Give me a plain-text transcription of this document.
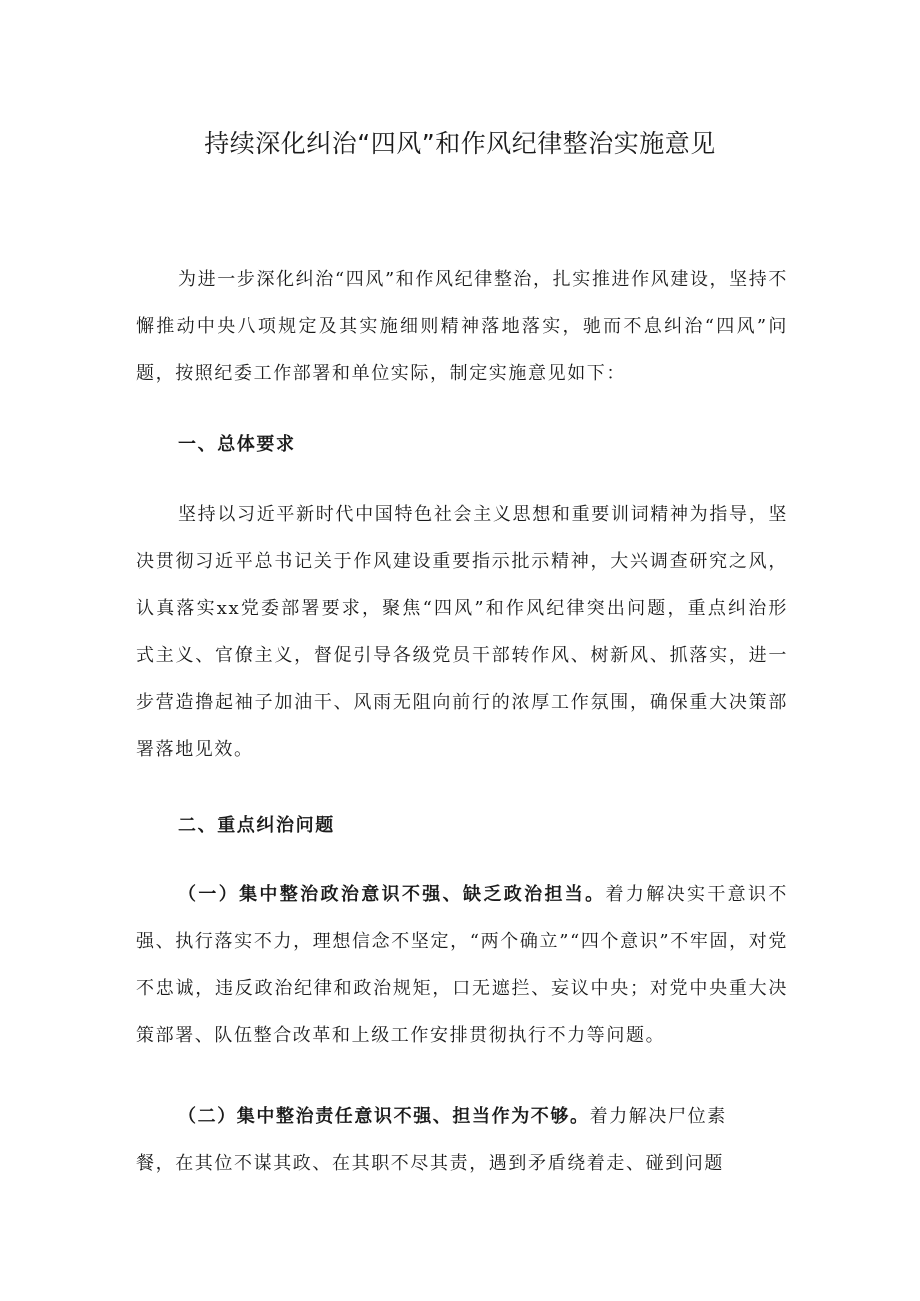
持续深化纠治“四风”和作风纪律整治实施意见

为进一步深化纠治“四风”和作风纪律整治，扎实推进作风建设，坚持不懈推动中央八项规定及其实施细则精神落地落实，驰而不息纠治“四风”问题，按照纪委工作部署和单位实际，制定实施意见如下：

一、总体要求

坚持以习近平新时代中国特色社会主义思想和重要训词精神为指导，坚决贯彻习近平总书记关于作风建设重要指示批示精神，大兴调查研究之风，认真落实xx党委部署要求，聚焦“四风”和作风纪律突出问题，重点纠治形式主义、官僚主义，督促引导各级党员干部转作风、树新风、抓落实，进一步营造撸起袖子加油干、风雨无阻向前行的浓厚工作氛围，确保重大决策部署落地见效。

二、重点纠治问题

（一）集中整治政治意识不强、缺乏政治担当。着力解决实干意识不强、执行落实不力，理想信念不坚定，“两个确立”“四个意识”不牢固，对党不忠诚，违反政治纪律和政治规矩，口无遮拦、妄议中央；对党中央重大决策部署、队伍整合改革和上级工作安排贯彻执行不力等问题。

（二）集中整治责任意识不强、担当作为不够。着力解决尸位素
餐，在其位不谋其政、在其职不尽其责，遇到矛盾绕着走、碰到问题
